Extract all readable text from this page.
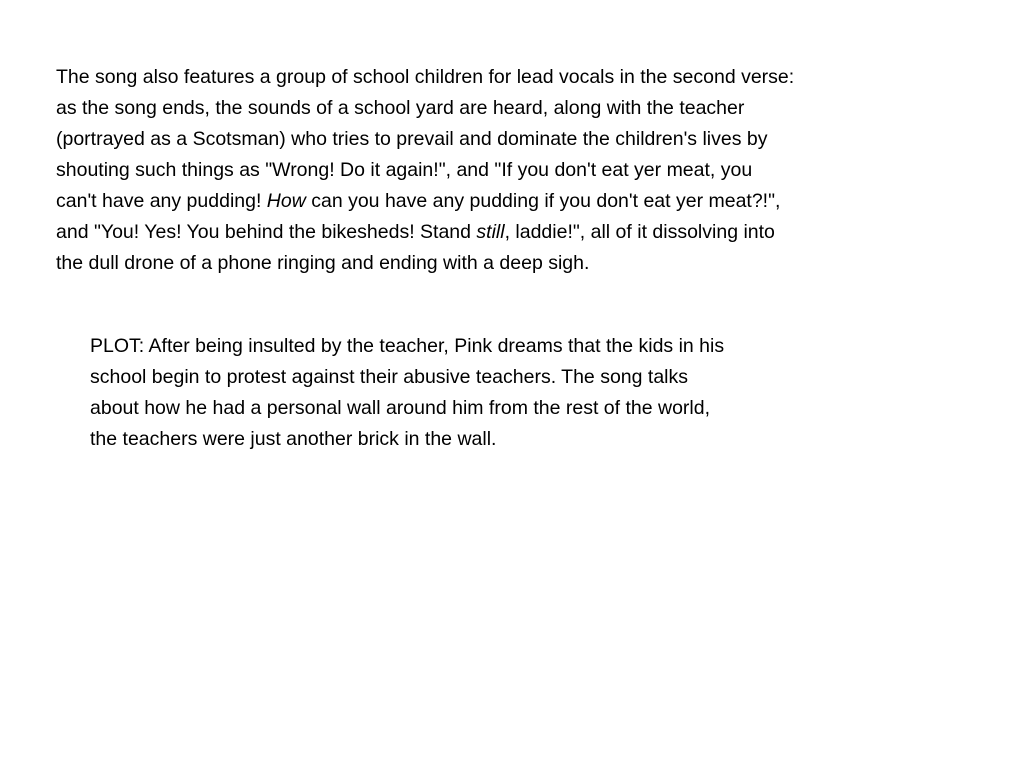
The song also features a group of school children for lead vocals in the second verse:
as the song ends, the sounds of a school yard are heard, along with the teacher
(portrayed as a Scotsman) who tries to prevail and dominate the children's lives by
shouting such things as "Wrong! Do it again!", and "If you don't eat yer meat, you
can't have any pudding! How can you have any pudding if you don't eat yer meat?!",
and "You! Yes! You behind the bikesheds! Stand still, laddie!", all of it dissolving into
the dull drone of a phone ringing and ending with a deep sigh.

PLOT: After being insulted by the teacher, Pink dreams that the kids in his
school begin to protest against their abusive teachers. The song talks
about how he had a personal wall around him from the rest of the world,
the teachers were just another brick in the wall.
